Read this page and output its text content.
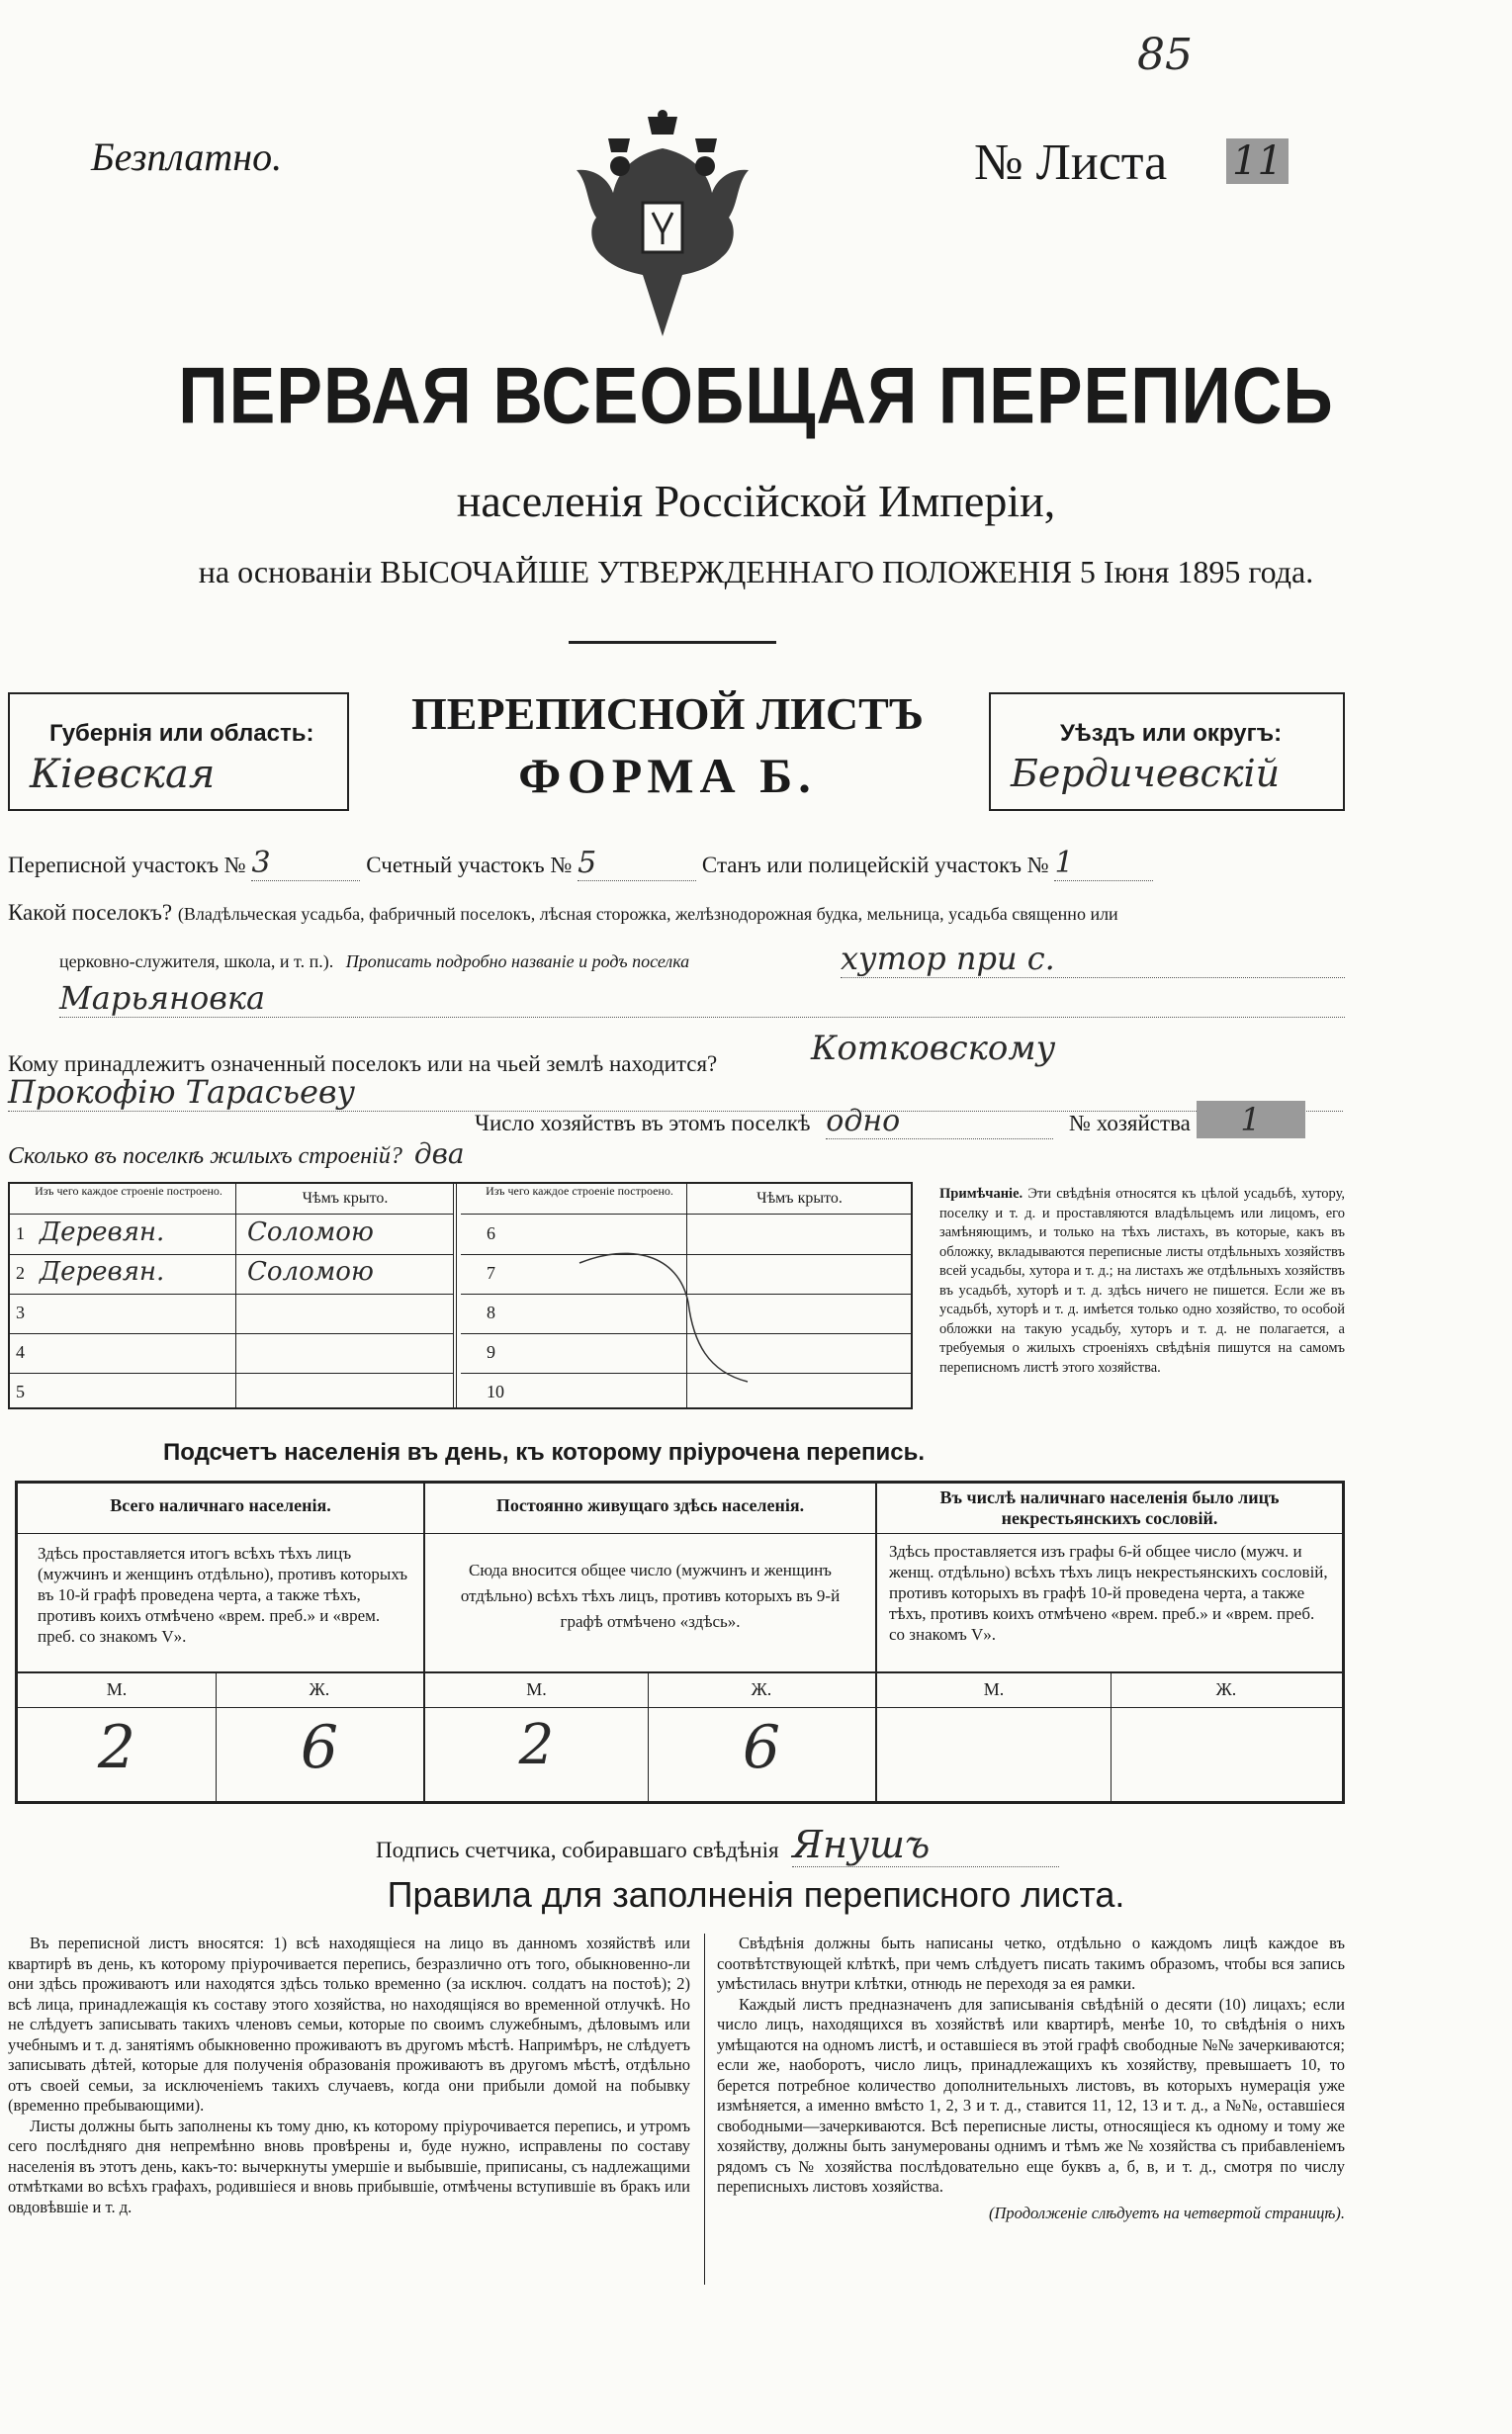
85
Безплатно.	№ Листа 11
ПЕРВАЯ ВСЕОБЩАЯ ПЕРЕПИСЬ
населенія Россійской Имперіи,
на основаніи ВЫСОЧАЙШЕ УТВЕРЖДЕННАГО ПОЛОЖЕНІЯ 5 Іюня 1895 года.
Губернія или область:
Кіевская
ПЕРЕПИСНОЙ ЛИСТЪ
ФОРМА Б.
Уѣздъ или округъ:
Бердичевскій
Переписной участокъ № 3	Счетный участокъ № 5	Станъ или полицейскій участокъ № 1
Какой поселокъ? (Владѣльческая усадьба, фабричный поселокъ, лѣсная сторожка, желѣзнодорожная будка, мельница, усадьба священно или
церковно-служителя, школа, и т. п.). Прописать подробно названіе и родъ поселка	хутор при с.
Марьяновка
Кому принадлежитъ означенный поселокъ или на чьей землѣ находится?	Котковскому
Прокофію Тарасьеву
Число хозяйствъ въ этомъ поселкѣ одно	№ хозяйства 1
Сколько въ поселкѣ жилыхъ строеній? два
Изъ чего каждое строеніе построено.	Чѣмъ крыто.
1 Деревян.	Соломою
2 Деревян.	Соломою
3
4
5
Изъ чего каждое строеніе построено.	Чѣмъ крыто.
6
7
8
9
10
Примѣчаніе. Эти свѣдѣнія относятся къ цѣлой усадьбѣ, хутору, поселку и т. д. и проставляются владѣльцемъ или лицомъ, его замѣняющимъ, и только на тѣхъ листахъ, въ которые, какъ въ обложку, вкладываются переписные листы отдѣльныхъ хозяйствъ всей усадьбы, хутора и т. д.; на листахъ же отдѣльныхъ хозяйствъ въ усадьбѣ, хуторѣ и т. д. здѣсь ничего не пишется. Если же въ усадьбѣ, хуторѣ и т. д. имѣется только одно хозяйство, то особой обложки на такую усадьбу, хуторъ и т. д. не полагается, а требуемыя о жилыхъ строеніяхъ свѣдѣнія пишутся на самомъ переписномъ листѣ этого хозяйства.
Подсчетъ населенія въ день, къ которому пріурочена перепись.
Всего наличнаго населенія.
Здѣсь проставляется итогъ всѣхъ тѣхъ лицъ (мужчинъ и женщинъ отдѣльно), противъ которыхъ въ 10-й графѣ проведена черта, а также тѣхъ, противъ коихъ отмѣчено «врем. преб.» и «врем. преб. со знакомъ V».
Постоянно живущаго здѣсь населенія.
Сюда вносится общее число (мужчинъ и женщинъ отдѣльно) всѣхъ тѣхъ лицъ, противъ которыхъ въ 9-й графѣ отмѣчено «здѣсь».
Въ числѣ наличнаго населенія было лицъ некрестьянскихъ сословій.
Здѣсь проставляется изъ графы 6-й общее число (мужч. и женщ. отдѣльно) всѣхъ тѣхъ лицъ некрестьянскихъ сословій, противъ которыхъ въ графѣ 10-й проведена черта, а также тѣхъ, противъ коихъ отмѣчено «врем. преб.» и «врем. преб. со знакомъ V».
М.	Ж.	М.	Ж.	М.	Ж.
2	6	2	6
Подпись счетчика, собиравшаго свѣдѣнія Янушъ
Правила для заполненія переписного листа.

Въ переписной листъ вносятся: 1) всѣ находящіеся на лицо въ данномъ хозяйствѣ или квартирѣ въ день, къ которому пріурочивается перепись, безразлично отъ того, обыкновенно-ли они здѣсь проживаютъ или находятся здѣсь только временно (за исключ. солдатъ на постоѣ); 2) всѣ лица, принадлежащія къ составу этого хозяйства, но находящіяся во временной отлучкѣ. Но не слѣдуетъ записывать такихъ членовъ семьи, которые по своимъ служебнымъ, дѣловымъ или учебнымъ и т. д. занятіямъ обыкновенно проживаютъ въ другомъ мѣстѣ. Напримѣръ, не слѣдуетъ записывать дѣтей, которые для полученія образованія проживаютъ въ другомъ мѣстѣ, отдѣльно отъ своей семьи, за исключеніемъ такихъ случаевъ, когда они прибыли домой на побывку (временно пребывающими).

Листы должны быть заполнены къ тому дню, къ которому пріурочивается перепись, и утромъ сего послѣдняго дня непремѣнно вновь провѣрены и, буде нужно, исправлены по составу населенія въ этотъ день, какъ-то: вычеркнуты умершіе и выбывшіе, приписаны, съ надлежащими отмѣтками во всѣхъ графахъ, родившіеся и вновь прибывшіе, отмѣчены вступившіе въ бракъ или овдовѣвшіе и т. д.

Свѣдѣнія должны быть написаны четко, отдѣльно о каждомъ лицѣ каждое въ соотвѣтствующей клѣткѣ, при чемъ слѣдуетъ писать такимъ образомъ, чтобы вся запись умѣстилась внутри клѣтки, отнюдь не переходя за ея рамки.

Каждый листъ предназначенъ для записыванія свѣдѣній о десяти (10) лицахъ; если число лицъ, находящихся въ хозяйствѣ или квартирѣ, менѣе 10, то свѣдѣнія о нихъ умѣщаются на одномъ листѣ, и оставшіеся въ этой графѣ свободные №№ зачеркиваются; если же, наоборотъ, число лицъ, принадлежащихъ къ хозяйству, превышаетъ 10, то берется потребное количество дополнительныхъ листовъ, въ которыхъ нумерація уже измѣняется, а именно вмѣсто 1, 2, 3 и т. д., ставится 11, 12, 13 и т. д., а №№, оставшіеся свободными—зачеркиваются. Всѣ переписные листы, относящіеся къ одному и тому же хозяйству, должны быть занумерованы однимъ и тѣмъ же № хозяйства съ прибавленіемъ рядомъ съ № хозяйства послѣдовательно еще буквъ а, б, в, и т. д., смотря по числу переписныхъ листовъ хозяйства.

(Продолженіе слѣдуетъ на четвертой страницѣ).
